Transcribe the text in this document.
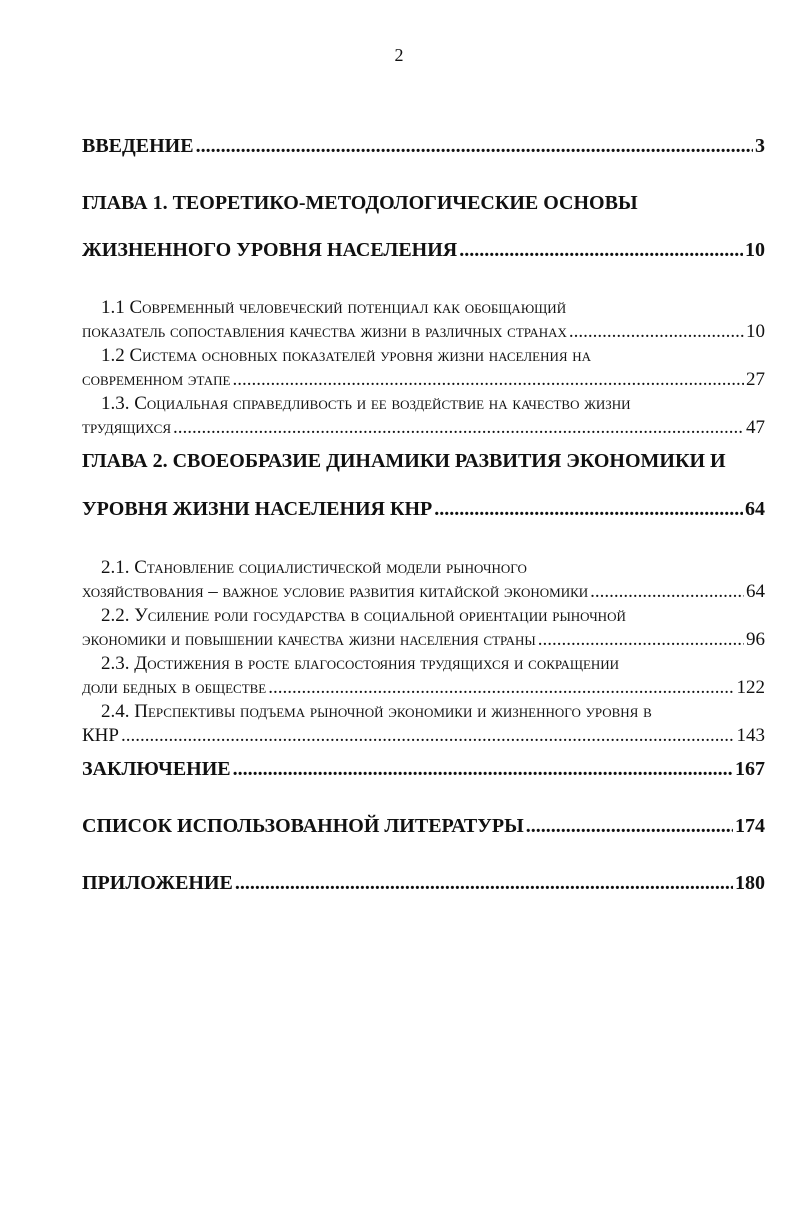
2
ВВЕДЕНИЕ .....	3
ГЛАВА 1. ТЕОРЕТИКО-МЕТОДОЛОГИЧЕСКИЕ ОСНОВЫ
ЖИЗНЕННОГО УРОВНЯ НАСЕЛЕНИЯ .....	10
1.1 Современный человеческий потенциал как обобщающий
показатель сопоставления качества жизни в различных странах .....	10
1.2 Система основных показателей уровня жизни населения на
современном этапе .....	27
1.3. Социальная справедливость и ее воздействие на качество жизни
трудящихся .....	47
ГЛАВА 2. СВОЕОБРАЗИЕ ДИНАМИКИ РАЗВИТИЯ ЭКОНОМИКИ И
УРОВНЯ ЖИЗНИ НАСЕЛЕНИЯ КНР .....	64
2.1. Становление социалистической модели рыночного
хозяйствования – важное условие развития китайской экономики .....	64
2.2. Усиление роли государства в социальной ориентации рыночной
экономики и повышении качества жизни населения страны .....	96
2.3. Достижения в росте благосостояния трудящихся и сокращении
доли бедных в обществе .....	122
2.4. Перспективы подъема рыночной экономики и жизненного уровня в
КНР .....	143
ЗАКЛЮЧЕНИЕ .....	167
СПИСОК ИСПОЛЬЗОВАННОЙ ЛИТЕРАТУРЫ .....	174
ПРИЛОЖЕНИЕ .....	180
